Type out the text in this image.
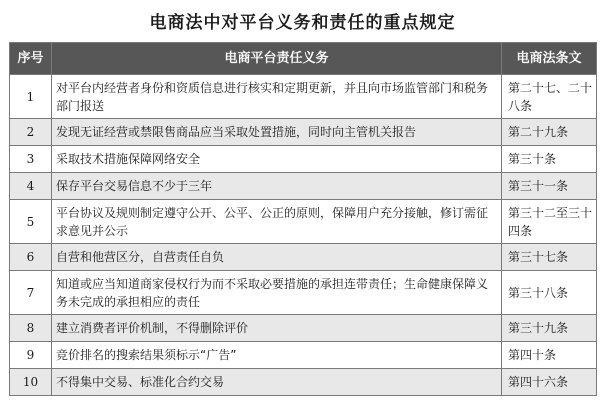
电商法中对平台义务和责任的重点规定
序号	电商平台责任义务	电商法条文
1	对平台内经营者身份和资质信息进行核实和定期更新，并且向市场监管部门和税务部门报送	第二十七、二十八条
2	发现无证经营或禁限售商品应当采取处置措施，同时向主管机关报告	第二十九条
3	采取技术措施保障网络安全	第三十条
4	保存平台交易信息不少于三年	第三十一条
5	平台协议及规则制定遵守公开、公平、公正的原则，保障用户充分接触，修订需征求意见并公示	第三十二至三十四条
6	自营和他营区分，自营责任自负	第三十七条
7	知道或应当知道商家侵权行为而不采取必要措施的承担连带责任；生命健康保障义务未完成的承担相应的责任	第三十八条
8	建立消费者评价机制，不得删除评价	第三十九条
9	竞价排名的搜索结果须标示“广告”	第四十条
10	不得集中交易、标准化合约交易	第四十六条
